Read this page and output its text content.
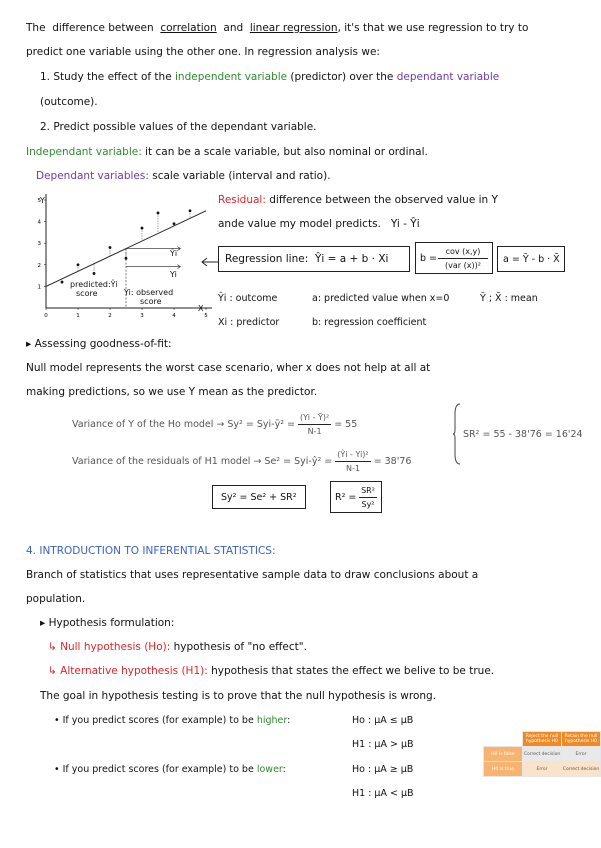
The difference between correlation and linear regression, it's that we use regression to try to
predict one variable using the other one. In regression analysis we:
1. Study the effect of the independent variable (predictor) over the dependant variable
(outcome).
2. Predict possible values of the dependant variable.
Independant variable: it can be a scale variable, but also nominal or ordinal.
Dependant variables: scale variable (interval and ratio).
0	1	2	3	4	5
1
2
3
4
5 Y
X
predicted:Ŷi
score	Yi: observed
score
Ŷi
Yi
Residual: difference between the observed value in Y
ande value my model predicts. Yi - Ŷi
Regression line: Ŷi = a + b · Xi	b =
cov (x,y)
(var (x))²
a = Ȳ - b · X̄
Ŷi : outcome	a: predicted value when x=0	Ȳ ; X̄ : mean
Xi : predictor	b: regression coefficient
▸ Assessing goodness-of-fit:
Null model represents the worst case scenario, wher x does not help at all at
making predictions, so we use Y mean as the predictor.
Variance of Y of the Ho model → Sy² = Syi-ȳ² = $\frac{\text{(Yi - Ȳ)²}}{N-1} = 55$
Variance of the residuals of H1 model → Se² = Syi-ŷ² = $\frac{\text{(Ŷi - Yi)²}}{N-1} = 38'76$
SR² = 55 - 38'76 = 16'24
Sy² = Se² + SR²	R² =
SR²
Sy²
4. INTRODUCTION TO INFERENTIAL STATISTICS:
Branch of statistics that uses representative sample data to draw conclusions about a
population.
▸ Hypothesis formulation:
↳ Null hypothesis (Ho): hypothesis of "no effect".
↳ Alternative hypothesis (H1): hypothesis that states the effect we belive to be true.
The goal in hypothesis testing is to prove that the null hypothesis is wrong.
• If you predict scores (for example) to be higher:	Ho : μA ≤ μB
H1 : μA > μB
• If you predict scores (for example) to be lower:	Ho : μA ≥ μB
H1 : μA < μB
	Reject the null hypothesis H0	Retain the null hypothesis H0
H0 is false	Correct decision	Error
H0 is true	Error	Correct decision
